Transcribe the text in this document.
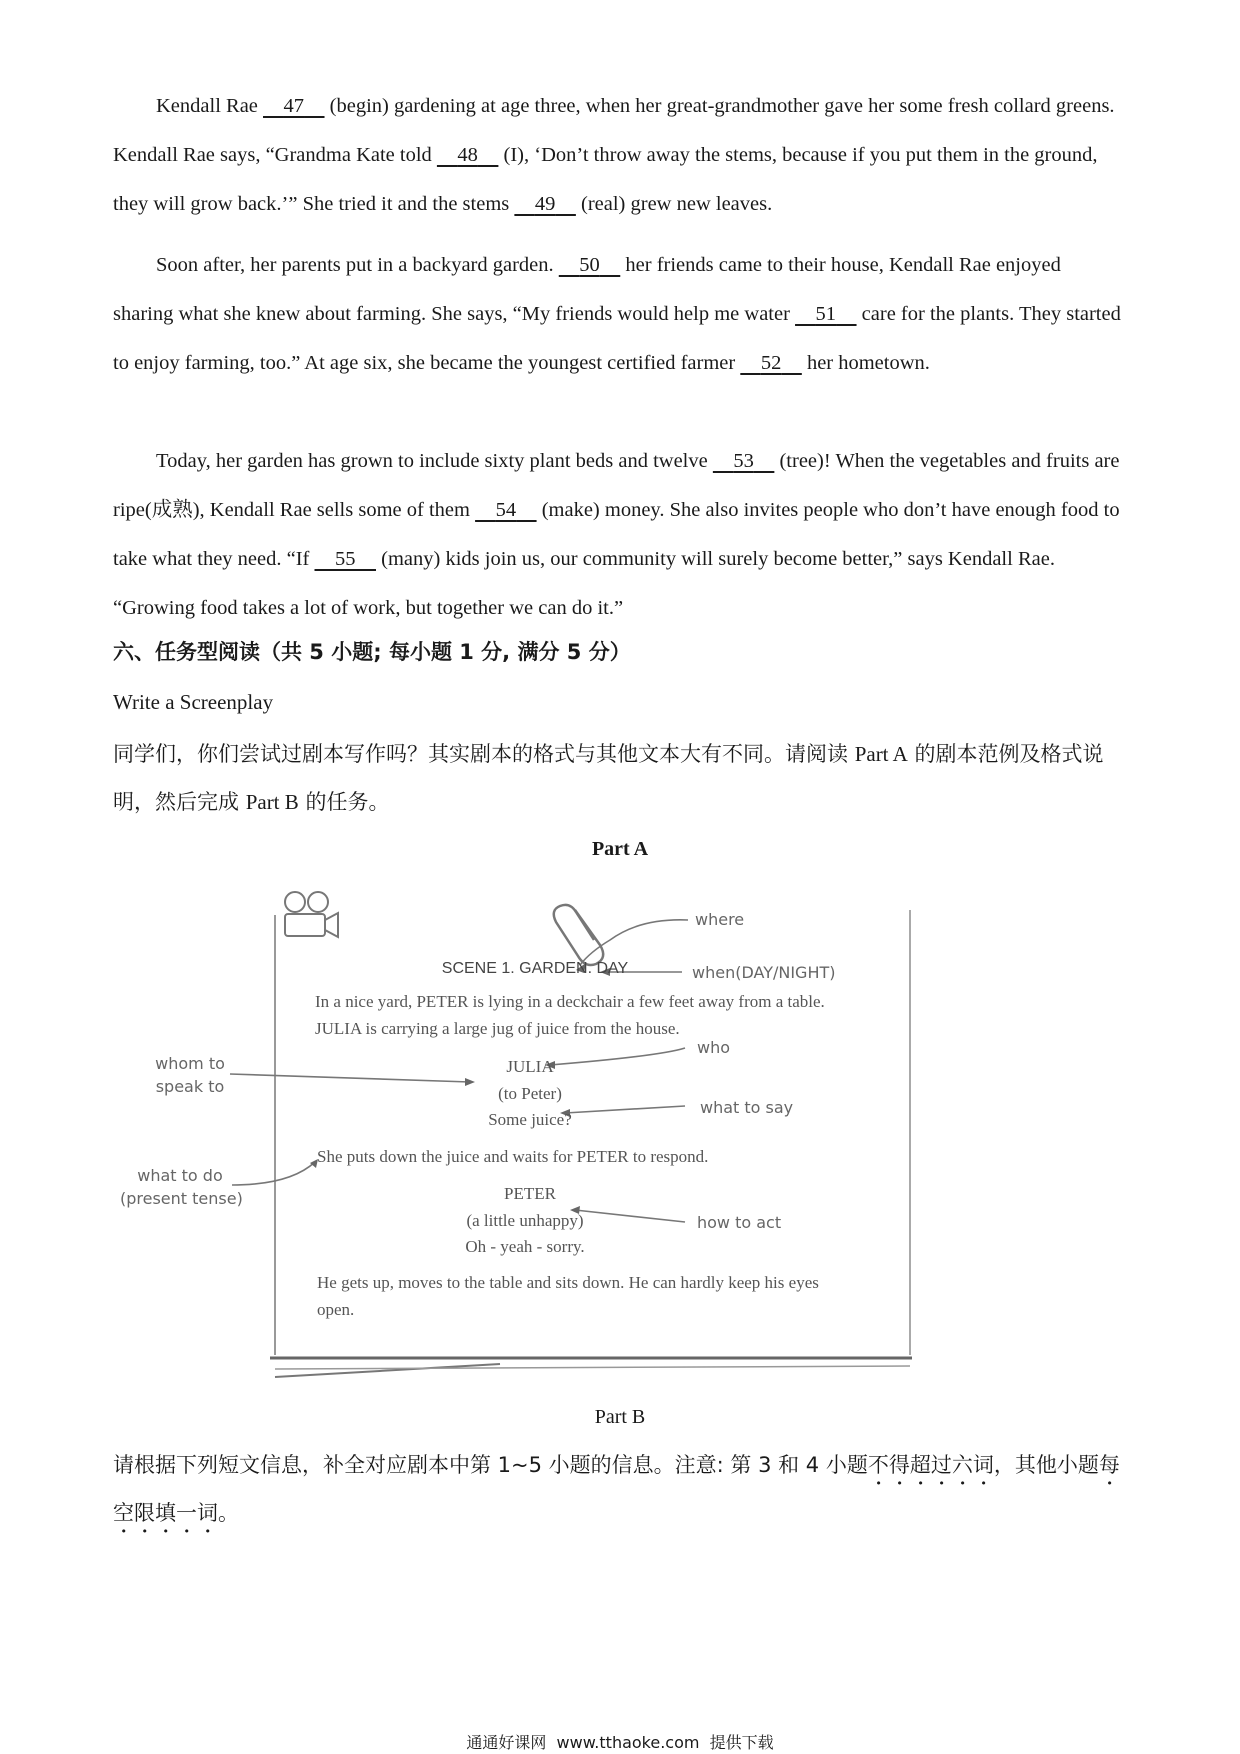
Kendall Rae     47     (begin) gardening at age three, when her great-grandmother gave her some fresh collard greens. Kendall Rae says, “Grandma Kate told     48     (I), ‘Don’t throw away the stems, because if you put them in the ground, they will grow back.’” She tried it and the stems     49     (real) grew new leaves.

Soon after, her parents put in a backyard garden.     50     her friends came to their house, Kendall Rae enjoyed sharing what she knew about farming. She says, “My friends would help me water     51     care for the plants. They started to enjoy farming, too.” At age six, she became the youngest certified farmer     52     her hometown.

Today, her garden has grown to include sixty plant beds and twelve     53     (tree)! When the vegetables and fruits are ripe(成熟), Kendall Rae sells some of them     54     (make) money. She also invites people who don’t have enough food to take what they need. “If     55     (many) kids join us, our community will surely become better,” says Kendall Rae. “Growing food takes a lot of work, but together we can do it.”

六、任务型阅读（共 5 小题; 每小题 1 分, 满分 5 分）

Write a Screenplay

同学们，你们尝试过剧本写作吗？其实剧本的格式与其他文本大有不同。请阅读 Part A 的剧本范例及格式说明，然后完成 Part B 的任务。

Part A

SCENE 1. GARDEN. DAY
In a nice yard, PETER is lying in a deckchair a few feet away from a table.
JULIA is carrying a large jug of juice from the house.
JULIA
(to Peter)
Some juice?
She puts down the juice and waits for PETER to respond.
PETER
(a little unhappy)
Oh - yeah - sorry.
He gets up, moves to the table and sits down. He can hardly keep his eyes
open.
where
when(DAY/NIGHT)
who
what to say
how to act
whom to
speak to
what to do
(present tense)

Part B

请根据下列短文信息，补全对应剧本中第 1~5 小题的信息。注意: 第 3 和 4 小题不得超过六词，其他小题每空限填一词。

通通好课网 www.tthaoke.com 提供下载
